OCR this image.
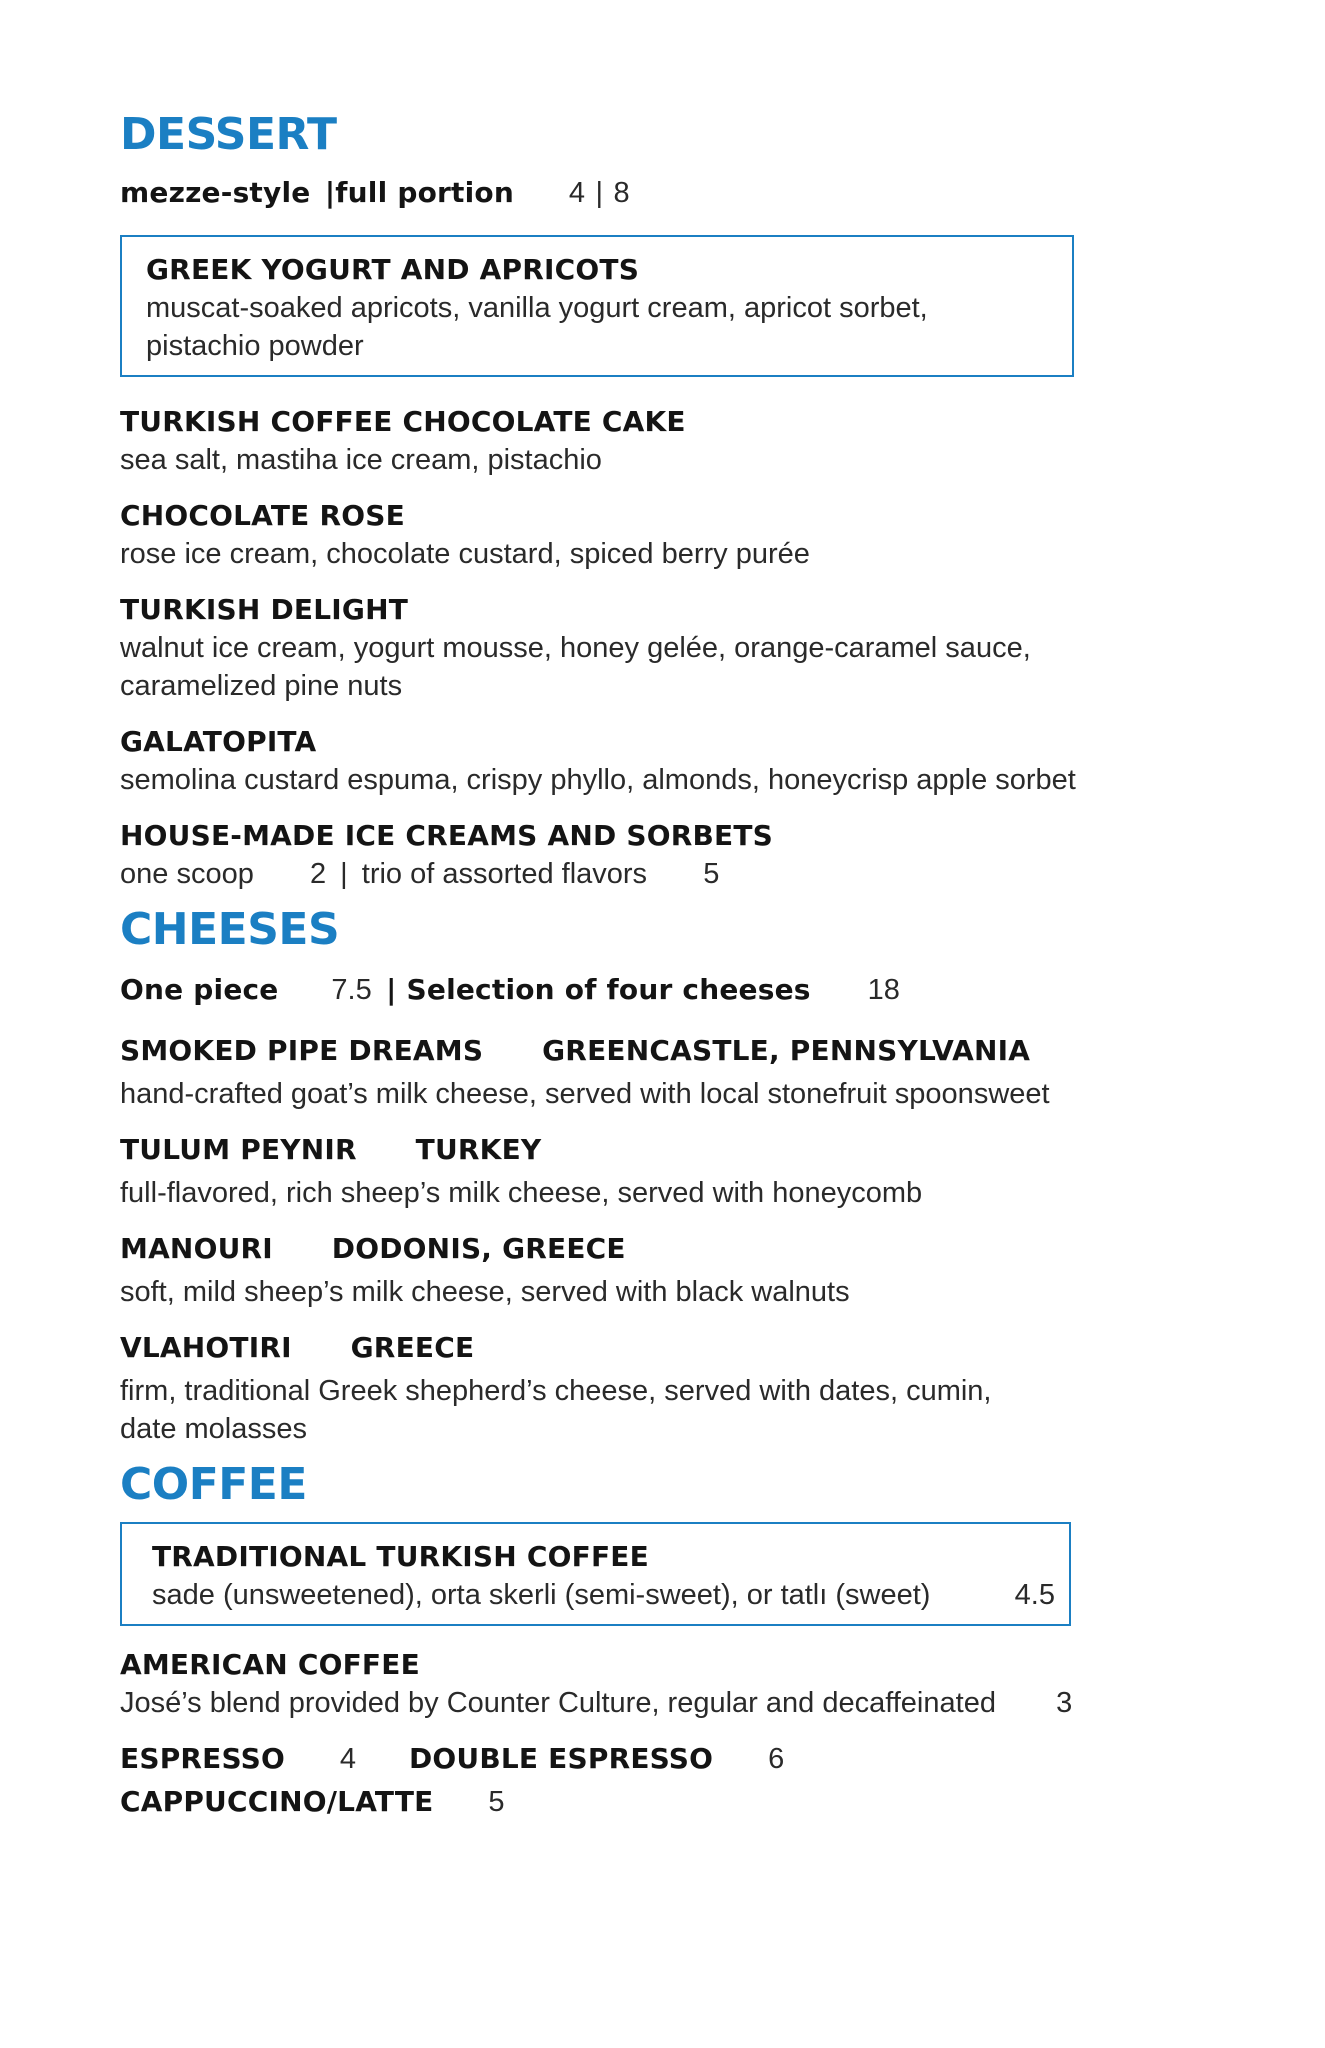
DESSERT
mezze-style  |full portion 4 | 8
GREEK YOGURT AND APRICOTS
muscat-soaked apricots, vanilla yogurt cream, apricot sorbet,
pistachio powder
TURKISH COFFEE CHOCOLATE CAKE
sea salt, mastiha ice cream, pistachio
CHOCOLATE ROSE
rose ice cream, chocolate custard, spiced berry purée
TURKISH DELIGHT
walnut ice cream, yogurt mousse, honey gelée, orange-caramel sauce,
caramelized pine nuts
GALATOPITA
semolina custard espuma, crispy phyllo, almonds, honeycrisp apple sorbet
HOUSE-MADE ICE CREAMS AND SORBETS
one scoop 2 | trio of assorted flavors 5
CHEESES
One piece 7.5  | Selection of four cheeses 18
SMOKED PIPE DREAMS GREENCASTLE, PENNSYLVANIA
hand-crafted goat’s milk cheese, served with local stonefruit spoonsweet
TULUM PEYNIR TURKEY
full-flavored, rich sheep’s milk cheese, served with honeycomb
MANOURI DODONIS, GREECE
soft, mild sheep’s milk cheese, served with black walnuts
VLAHOTIRI GREECE
firm, traditional Greek shepherd’s cheese, served with dates, cumin,
date molasses
COFFEE
TRADITIONAL TURKISH COFFEE
sade (unsweetened), orta skerli (semi-sweet), or tatlı (sweet)	4.5
AMERICAN COFFEE
José’s blend provided by Counter Culture, regular and decaffeinated 3
ESPRESSO 4 DOUBLE ESPRESSO 6
CAPPUCCINO/LATTE 5
